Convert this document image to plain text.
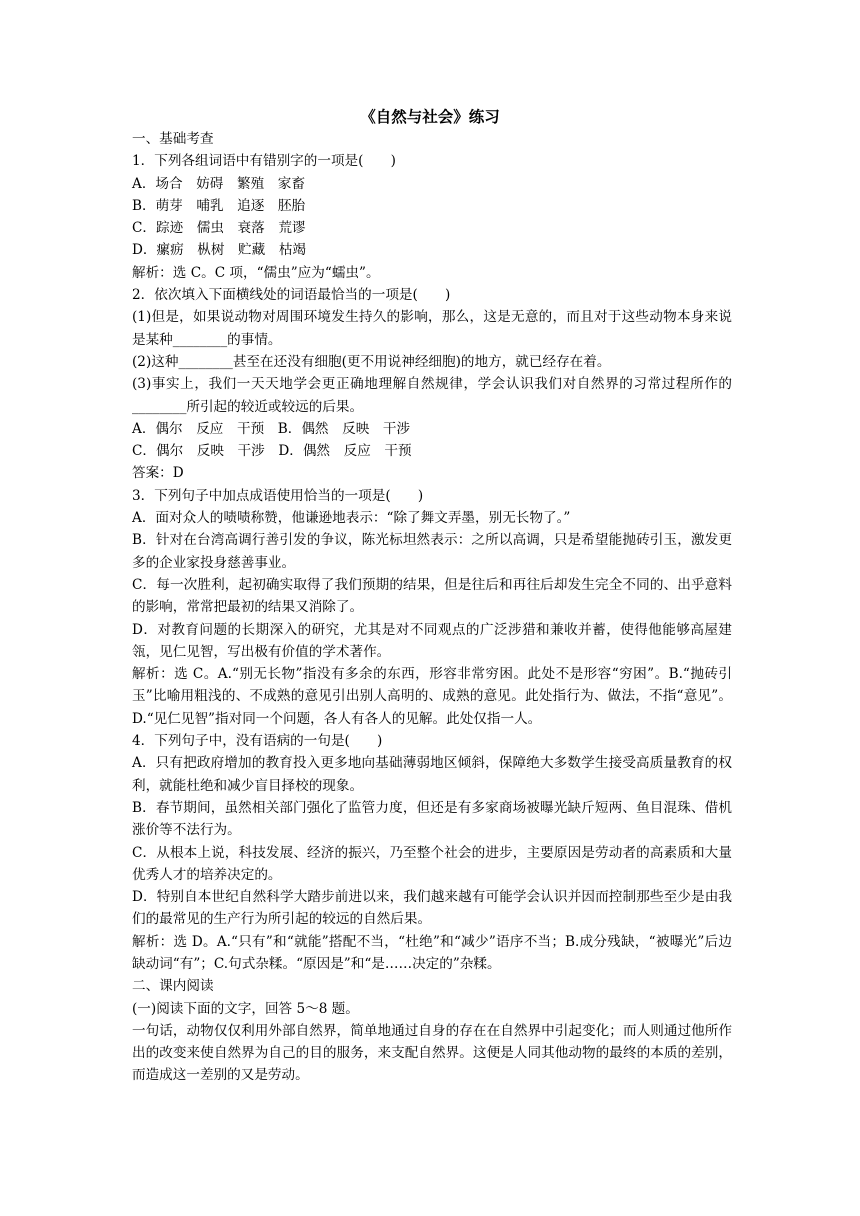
《自然与社会》练习

一、基础考查

1．下列各组词语中有错别字的一项是(　　)

A．场合　妨碍　繁殖　家畜

B．萌芽　哺乳　追逐　胚胎

C．踪迹　儒虫　衰落　荒谬

D．瘰疬　枞树　贮藏　枯竭

解析：选 C。C 项，“儒虫”应为“蠕虫”。

2．依次填入下面横线处的词语最恰当的一项是(　　)

(1)但是，如果说动物对周围环境发生持久的影响，那么，这是无意的，而且对于这些动物本身来说是某种________的事情。

(2)这种________甚至在还没有细胞(更不用说神经细胞)的地方，就已经存在着。

(3)事实上，我们一天天地学会更正确地理解自然规律，学会认识我们对自然界的习常过程所作的________所引起的较近或较远的后果。

A．偶尔　反应　干预　B．偶然　反映　干涉

C．偶尔　反映　干涉　D．偶然　反应　干预

答案：D

3．下列句子中加点成语使用恰当的一项是(　　)

A．面对众人的啧啧称赞，他谦逊地表示：“除了舞文弄墨，别无长物了。”

B．针对在台湾高调行善引发的争议，陈光标坦然表示：之所以高调，只是希望能抛砖引玉，激发更多的企业家投身慈善事业。

C．每一次胜利，起初确实取得了我们预期的结果，但是往后和再往后却发生完全不同的、出乎意料的影响，常常把最初的结果又消除了。

D．对教育问题的长期深入的研究，尤其是对不同观点的广泛涉猎和兼收并蓄，使得他能够高屋建瓴，见仁见智，写出极有价值的学术著作。

解析：选 C。A.“别无长物”指没有多余的东西，形容非常穷困。此处不是形容“穷困”。B.“抛砖引玉”比喻用粗浅的、不成熟的意见引出别人高明的、成熟的意见。此处指行为、做法，不指“意见”。D.“见仁见智”指对同一个问题，各人有各人的见解。此处仅指一人。

4．下列句子中，没有语病的一句是(　　)

A．只有把政府增加的教育投入更多地向基础薄弱地区倾斜，保障绝大多数学生接受高质量教育的权利，就能杜绝和减少盲目择校的现象。

B．春节期间，虽然相关部门强化了监管力度，但还是有多家商场被曝光缺斤短两、鱼目混珠、借机涨价等不法行为。

C．从根本上说，科技发展、经济的振兴，乃至整个社会的进步，主要原因是劳动者的高素质和大量优秀人才的培养决定的。

D．特别自本世纪自然科学大踏步前进以来，我们越来越有可能学会认识并因而控制那些至少是由我们的最常见的生产行为所引起的较远的自然后果。

解析：选 D。A.“只有”和“就能”搭配不当，“杜绝”和“减少”语序不当；B.成分残缺，“被曝光”后边缺动词“有”；C.句式杂糅。“原因是”和“是……决定的”杂糅。

二、课内阅读

(一)阅读下面的文字，回答 5～8 题。

一句话，动物仅仅利用外部自然界，简单地通过自身的存在在自然界中引起变化；而人则通过他所作出的改变来使自然界为自己的目的服务，来支配自然界。这便是人同其他动物的最终的本质的差别，而造成这一差别的又是劳动。
